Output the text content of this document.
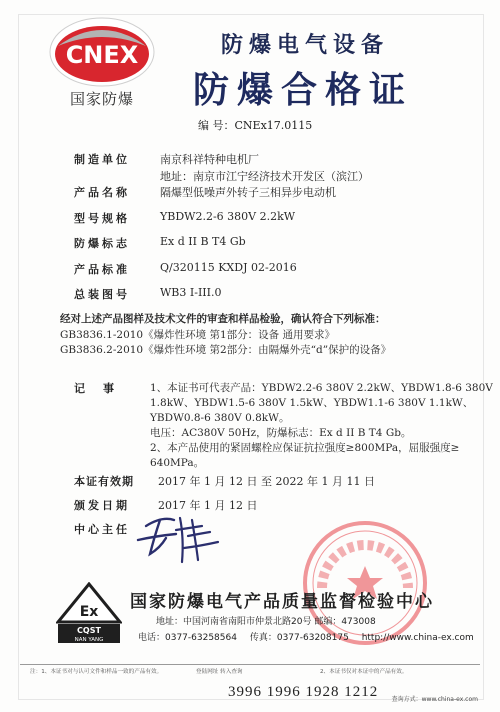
CNEX
国家防爆
防爆电气设备
防爆合格证
编 号：CNEx17.0115
制造单位	南京科祥特种电机厂
地址：南京市江宁经济技术开发区（滨江）
产品名称	隔爆型低噪声外转子三相异步电动机
型号规格	YBDW2.2-6 380V 2.2kW
防爆标志	Ex d II B T4 Gb
产品标准	Q/320115 KXDJ 02-2016
总装图号	WB3 I-III.0
经对上述产品图样及技术文件的审查和样品检验，确认符合下列标准：
GB3836.1-2010《爆炸性环境 第1部分：设备 通用要求》
GB3836.2-2010《爆炸性环境 第2部分：由隔爆外壳“d”保护的设备》
记事 1、本证书可代表产品：YBDW2.2-6 380V 2.2kW、YBDW1.8-6 380V
1.8kW、YBDW1.5-6 380V 1.5kW、YBDW1.1-6 380V 1.1kW、
YBDW0.8-6 380V 0.8kW。
电压：AC380V 50Hz，防爆标志：Ex d II B T4 Gb。
2、本产品使用的紧固螺栓应保证抗拉强度≥800MPa，屈服强度≥
640MPa。
本证有效期 2017 年 1 月 12 日 至 2022 年 1 月 11 日
颁发日期	2017 年 1 月 12 日
中心主任
Ex
CQST
NAN YANG
国家防爆电气产品质量监督检验中心
地址：中国河南省南阳市仲景北路20号 邮编：473008
电话：0377-63258564 传真：0377-63208175 http://www.china-ex.com
注：1、本证书对与认可文件和样品一致的产品有效。	登陆网址 转入查询	2、本证书仅对本证中的产品有效。
3996 1996 1928 1212 查询方式：www.china-ex.com
